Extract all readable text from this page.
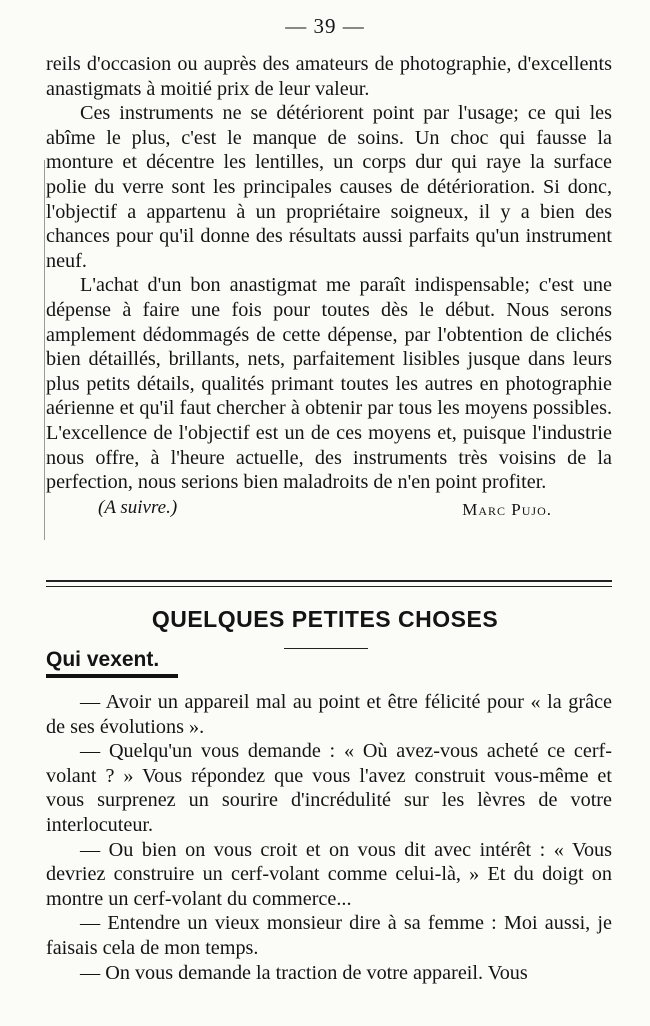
— 39 —

reils d'occasion ou auprès des amateurs de photographie, d'excellents anastigmats à moitié prix de leur valeur.

Ces instruments ne se détériorent point par l'usage; ce qui les abîme le plus, c'est le manque de soins. Un choc qui fausse la monture et décentre les lentilles, un corps dur qui raye la surface polie du verre sont les principales causes de détérioration. Si donc, l'objectif a appartenu à un propriétaire soigneux, il y a bien des chances pour qu'il donne des résultats aussi parfaits qu'un instrument neuf.

L'achat d'un bon anastigmat me paraît indispensable; c'est une dépense à faire une fois pour toutes dès le début. Nous serons amplement dédommagés de cette dépense, par l'obtention de clichés bien détaillés, brillants, nets, parfaitement lisibles jusque dans leurs plus petits détails, qualités primant toutes les autres en photographie aérienne et qu'il faut chercher à obtenir par tous les moyens possibles. L'excellence de l'objectif est un de ces moyens et, puisque l'industrie nous offre, à l'heure actuelle, des instruments très voisins de la perfection, nous serions bien maladroits de n'en point profiter.

(A suivre.)	Marc Pujo.
QUELQUES PETITES CHOSES
Qui vexent.

— Avoir un appareil mal au point et être félicité pour « la grâce de ses évolutions ».

— Quelqu'un vous demande : « Où avez-vous acheté ce cerf-volant ? » Vous répondez que vous l'avez construit vous-même et vous surprenez un sourire d'incrédulité sur les lèvres de votre interlocuteur.

— Ou bien on vous croit et on vous dit avec intérêt : « Vous devriez construire un cerf-volant comme celui-là, » Et du doigt on montre un cerf-volant du commerce...

— Entendre un vieux monsieur dire à sa femme : Moi aussi, je faisais cela de mon temps.

— On vous demande la traction de votre appareil. Vous
